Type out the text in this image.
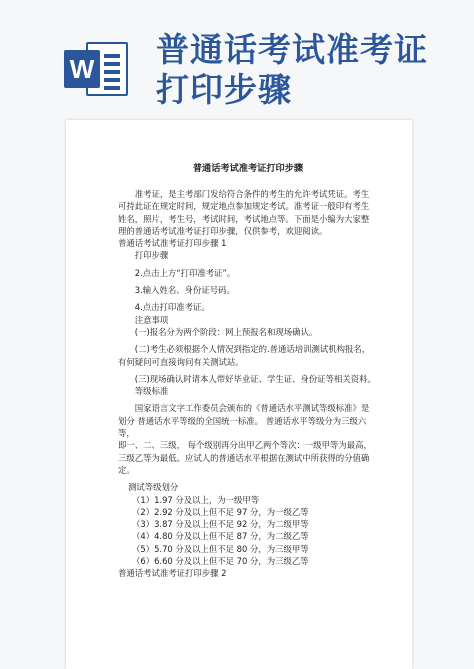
W 普通话考试准考证
打印步骤
普通话考试准考证打印步骤

准考证，是主考部门发给符合条件的考生的允许考试凭证。考生

可持此证在规定时间，规定地点参加规定考试。准考证一般印有考生

姓名，照片，考生号，考试时间，考试地点等。下面是小编为大家整

理的普通话考试准考证打印步骤，仅供参考，欢迎阅读。

普通话考试准考证打印步骤 1

打印步骤

2.点击上方“打印准考证”。

3.输入姓名、身份证号码。

4.点击打印准考证。

注意事项

(一)报名分为两个阶段：网上预报名和现场确认。

(二)考生必须根据个人情况到指定的.普通话培训测试机构报名，

有何疑问可直接询问有关测试站。

(三)现场确认时请本人带好毕业证、学生证、身份证等相关资料。

等级标准

国家语言文字工作委员会颁布的《普通话水平测试等级标准》是

划分 普通话水平等级的全国统一标准。 普通话水平等级分为三级六等，

即一、二、三级， 每个级别再分出甲乙两个等次：一级甲等为最高，

三级乙等为最低。应试人的普通话水平根据在测试中所获得的分值确

定。

测试等级划分

（1）1.97 分及以上，为一级甲等

（2）2.92 分及以上但不足 97 分，为一级乙等

（3）3.87 分及以上但不足 92 分，为二级甲等

（4）4.80 分及以上但不足 87 分，为二级乙等

（5）5.70 分及以上但不足 80 分，为三级甲等

（6）6.60 分及以上但不足 70 分，为三级乙等

普通话考试准考证打印步骤 2
